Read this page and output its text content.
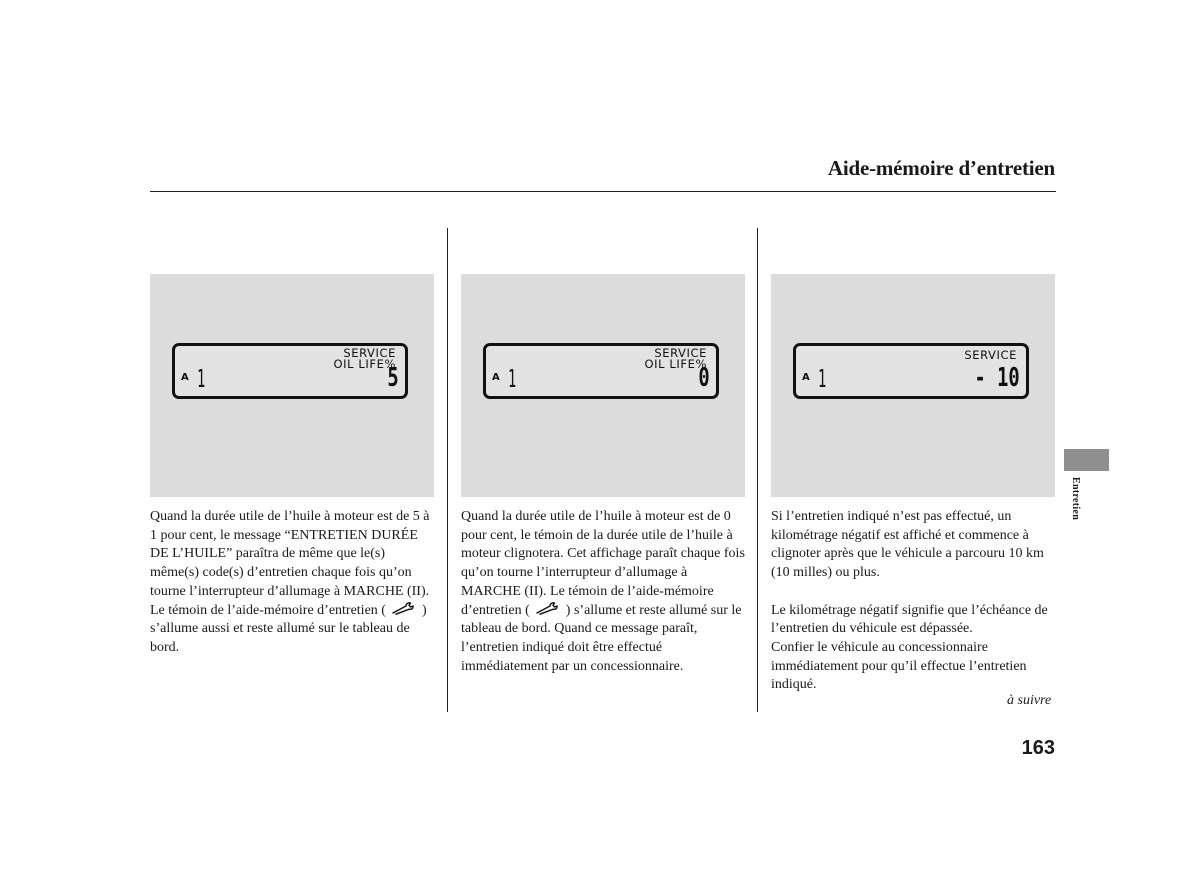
Aide-mémoire d’entretien
SERVICE
OIL LIFE%
A 1	5
SERVICE
OIL LIFE%
A 1	0
SERVICE
A 1	- 10

Quand la durée utile de l’huile à moteur est de 5 à 1 pour cent, le message “ENTRETIEN DURÉE DE L’HUILE” paraîtra de même que le(s) même(s) code(s) d’entretien chaque fois qu’on tourne l’interrupteur d’allumage à MARCHE (II). Le témoin de l’aide-mémoire d’entretien (	) s’allume aussi et reste allumé sur le tableau de bord.

Quand la durée utile de l’huile à moteur est de 0 pour cent, le témoin de la durée utile de l’huile à moteur clignotera. Cet affichage paraît chaque fois qu’on tourne l’interrupteur d’allumage à MARCHE (II). Le témoin de l’aide-mémoire d’entretien (	) s’allume et reste allumé sur le tableau de bord. Quand ce message paraît, l’entretien indiqué doit être effectué immédiatement par un concessionnaire.

Si l’entretien indiqué n’est pas effectué, un kilométrage négatif est affiché et commence à clignoter après que le véhicule a parcouru 10 km (10 milles) ou plus.

Le kilométrage négatif signifie que l’échéance de l’entretien du véhicule est dépassée.

Confier le véhicule au concessionnaire immédiatement pour qu’il effectue l’entretien indiqué.

à suivre
Entretien
163
